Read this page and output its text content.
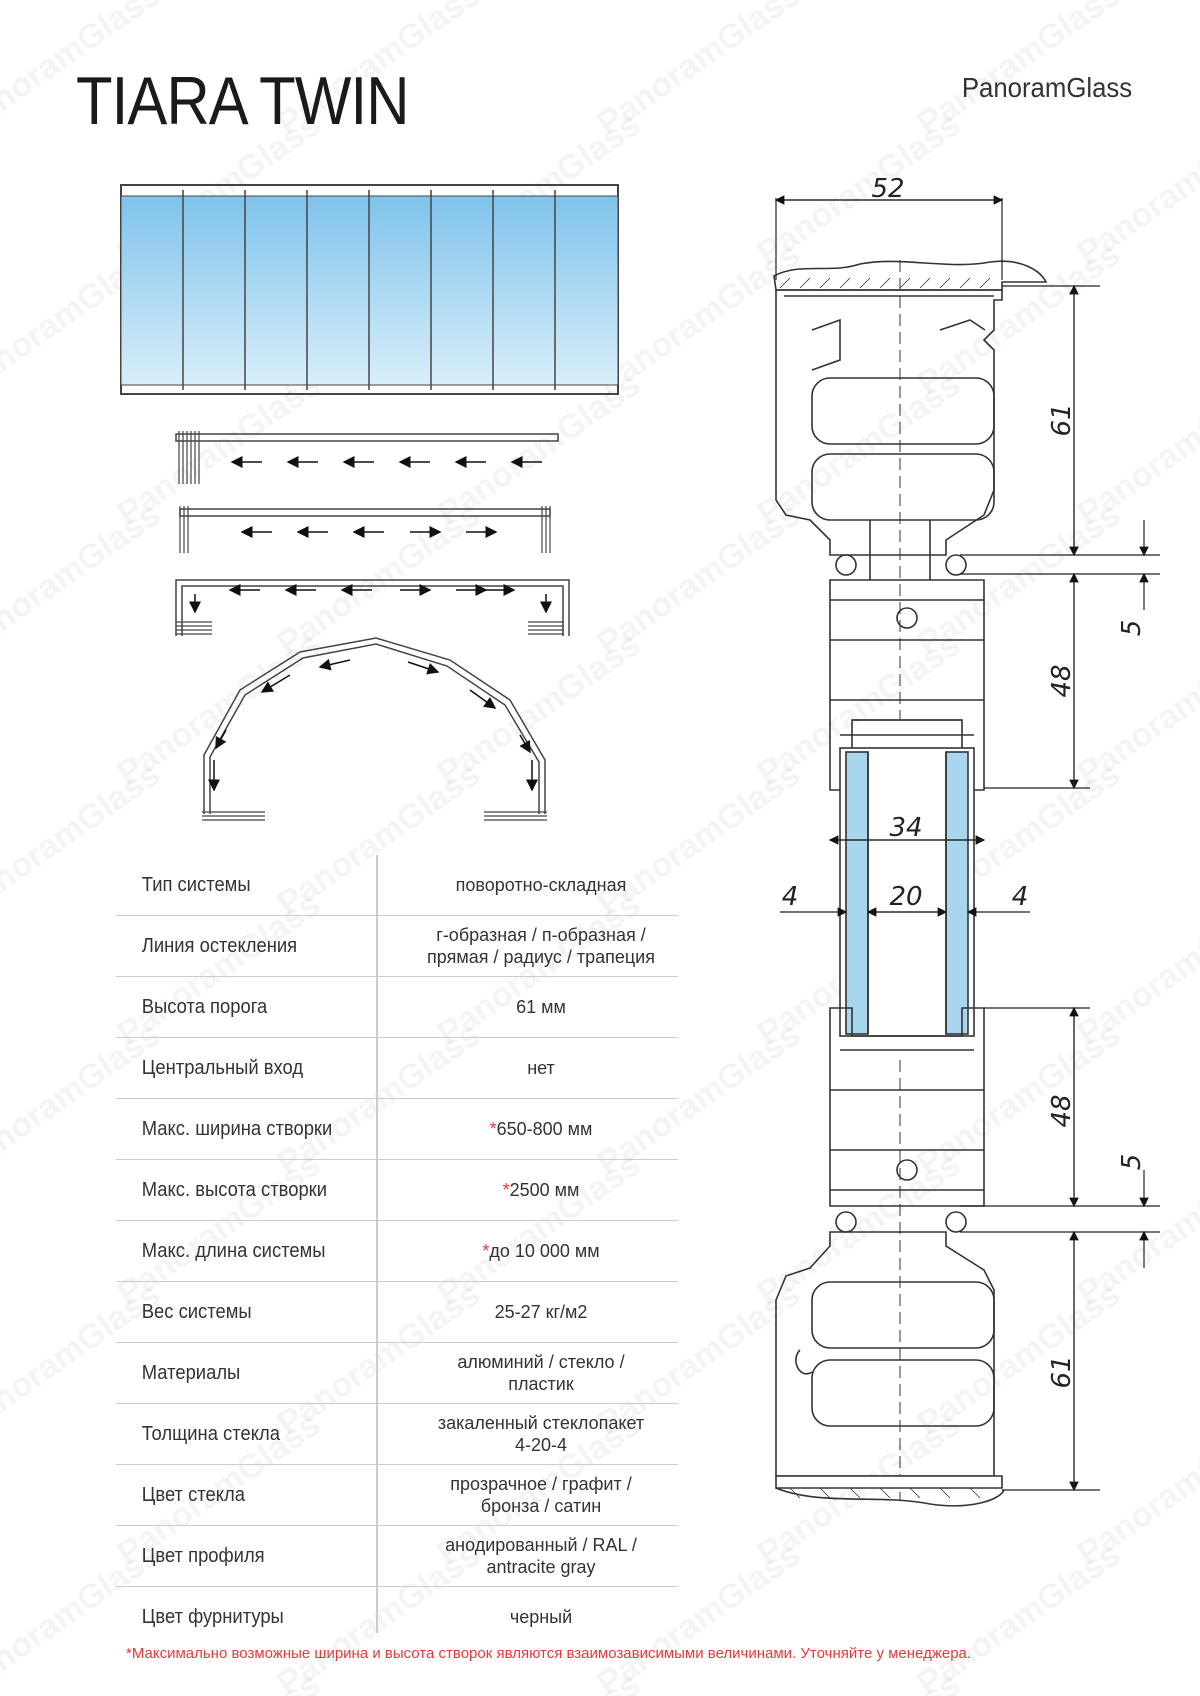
TIARA TWIN	PanoramGlass
52
61
5
48
34
4	20	4
48
5
61
Тип системы	поворотно-складная
Линия остекления	г-образная / п-образная /
прямая / радиус / трапеция
Высота порога	61 мм
Центральный вход	нет
Макс. ширина створки	*650-800 мм
Макс. высота створки	*2500 мм
Макс. длина системы	*до 10 000 мм
Вес системы	25-27 кг/м2
Материалы	алюминий / стекло /
пластик
Толщина стекла	закаленный стеклопакет
4-20-4
Цвет стекла	прозрачное / графит /
бронза / сатин
Цвет профиля	анодированный / RAL /
antracite gray
Цвет фурнитуры	черный
*Максимально возможные ширина и высота створок являются взаимозависимыми величинами. Уточняйте у менеджера.
